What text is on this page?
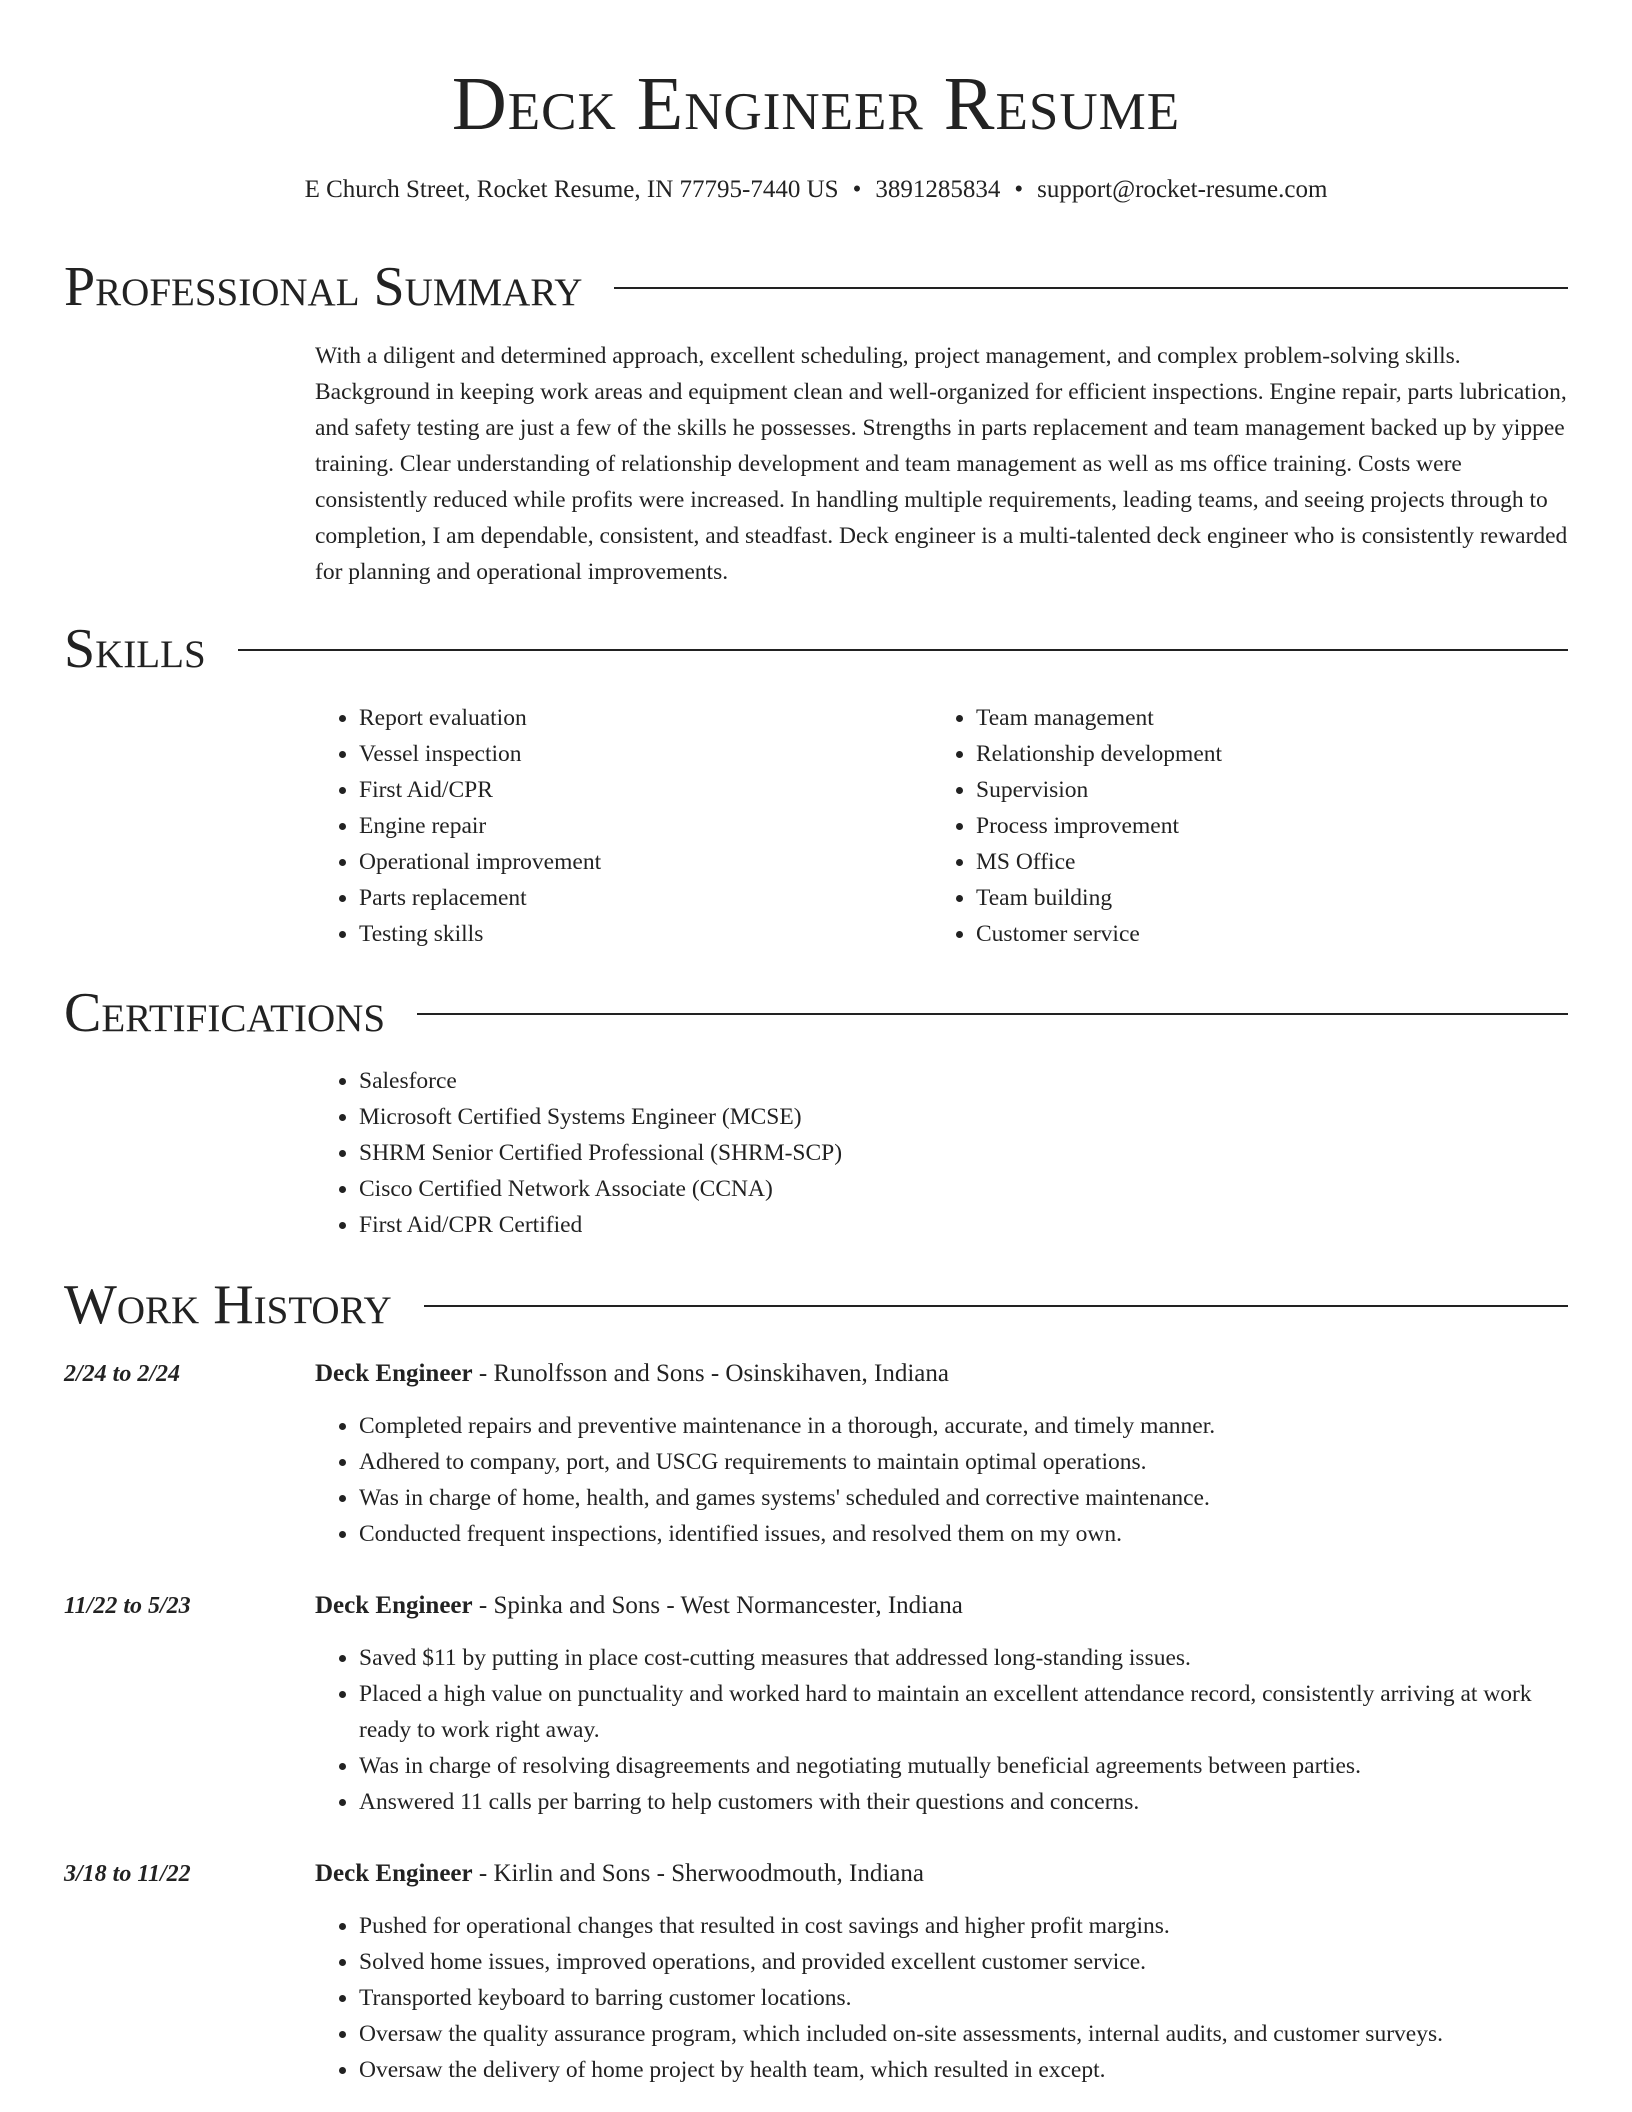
Deck Engineer Resume
E Church Street, Rocket Resume, IN 77795-7440 US • 3891285834 • support@rocket-resume.com
Professional Summary

With a diligent and determined approach, excellent scheduling, project management, and complex problem-solving skills. Background in keeping work areas and equipment clean and well-organized for efficient inspections. Engine repair, parts lubrication, and safety testing are just a few of the skills he possesses. Strengths in parts replacement and team management backed up by yippee training. Clear understanding of relationship development and team management as well as ms office training. Costs were consistently reduced while profits were increased. In handling multiple requirements, leading teams, and seeing projects through to completion, I am dependable, consistent, and steadfast. Deck engineer is a multi-talented deck engineer who is consistently rewarded for planning and operational improvements.

Skills
• Report evaluation
• Vessel inspection
• First Aid/CPR
• Engine repair
• Operational improvement
• Parts replacement
• Testing skills
• Team management
• Relationship development
• Supervision
• Process improvement
• MS Office
• Team building
• Customer service
Certifications
• Salesforce
• Microsoft Certified Systems Engineer (MCSE)
• SHRM Senior Certified Professional (SHRM-SCP)
• Cisco Certified Network Associate (CCNA)
• First Aid/CPR Certified
Work History
2/24 to 2/24	Deck Engineer - Runolfsson and Sons - Osinskihaven, Indiana
• Completed repairs and preventive maintenance in a thorough, accurate, and timely manner.
• Adhered to company, port, and USCG requirements to maintain optimal operations.
• Was in charge of home, health, and games systems' scheduled and corrective maintenance.
• Conducted frequent inspections, identified issues, and resolved them on my own.
11/22 to 5/23	Deck Engineer - Spinka and Sons - West Normancester, Indiana
• Saved $11 by putting in place cost-cutting measures that addressed long-standing issues.
• Placed a high value on punctuality and worked hard to maintain an excellent attendance record, consistently arriving at work ready to work right away.
• Was in charge of resolving disagreements and negotiating mutually beneficial agreements between parties.
• Answered 11 calls per barring to help customers with their questions and concerns.
3/18 to 11/22	Deck Engineer - Kirlin and Sons - Sherwoodmouth, Indiana
• Pushed for operational changes that resulted in cost savings and higher profit margins.
• Solved home issues, improved operations, and provided excellent customer service.
• Transported keyboard to barring customer locations.
• Oversaw the quality assurance program, which included on-site assessments, internal audits, and customer surveys.
• Oversaw the delivery of home project by health team, which resulted in except.
